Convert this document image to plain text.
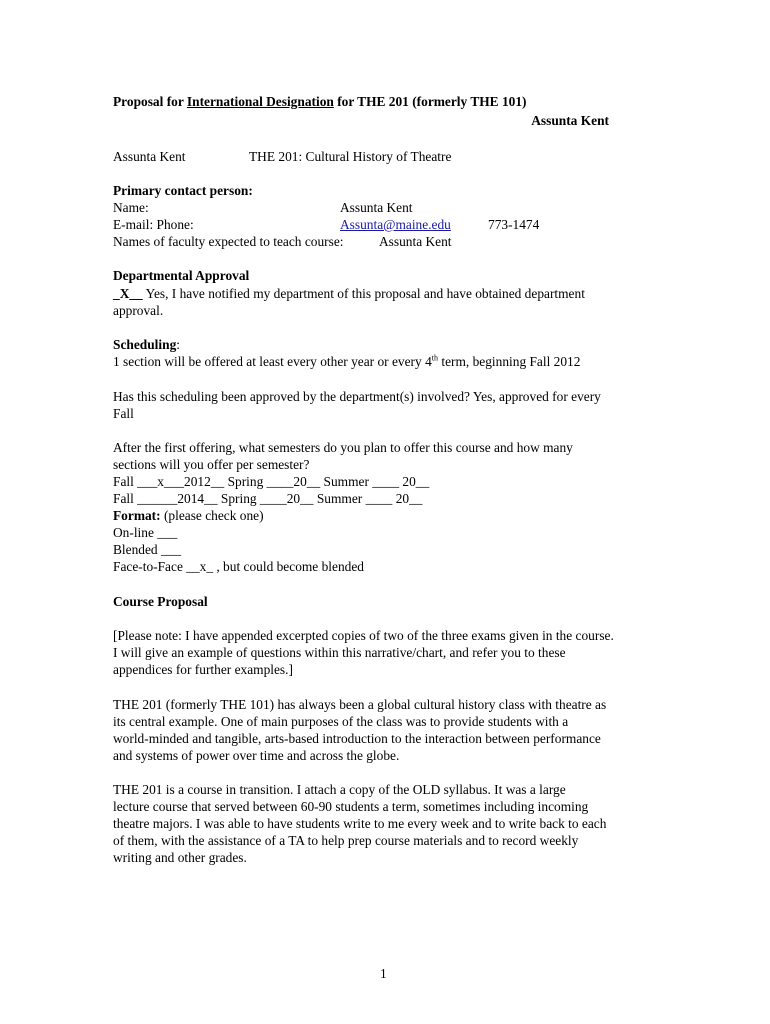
Proposal for International Designation for THE 201 (formerly THE 101)
Assunta Kent
Assunta Kent	THE 201: Cultural History of Theatre
Primary contact person:
Name:	Assunta Kent
E-mail: Phone:	Assunta@maine.edu	773-1474
Names of faculty expected to teach course:	Assunta Kent
Departmental Approval
_X__ Yes, I have notified my department of this proposal and have obtained department
approval.
Scheduling:
1 section will be offered at least every other year or every 4th term, beginning Fall 2012
Has this scheduling been approved by the department(s) involved? Yes, approved for every
Fall
After the first offering, what semesters do you plan to offer this course and how many
sections will you offer per semester?
Fall ___x___2012__ Spring ____20__ Summer ____ 20__
Fall ______2014__ Spring ____20__ Summer ____ 20__
Format: (please check one)
On-line ___
Blended ___
Face-to-Face __x_ , but could become blended
Course Proposal
[Please note: I have appended excerpted copies of two of the three exams given in the course.
I will give an example of questions within this narrative/chart, and refer you to these
appendices for further examples.]
THE 201 (formerly THE 101) has always been a global cultural history class with theatre as
its central example. One of main purposes of the class was to provide students with a
world-minded and tangible, arts-based introduction to the interaction between performance
and systems of power over time and across the globe.
THE 201 is a course in transition. I attach a copy of the OLD syllabus. It was a large
lecture course that served between 60-90 students a term, sometimes including incoming
theatre majors. I was able to have students write to me every week and to write back to each
of them, with the assistance of a TA to help prep course materials and to record weekly
writing and other grades.
1
